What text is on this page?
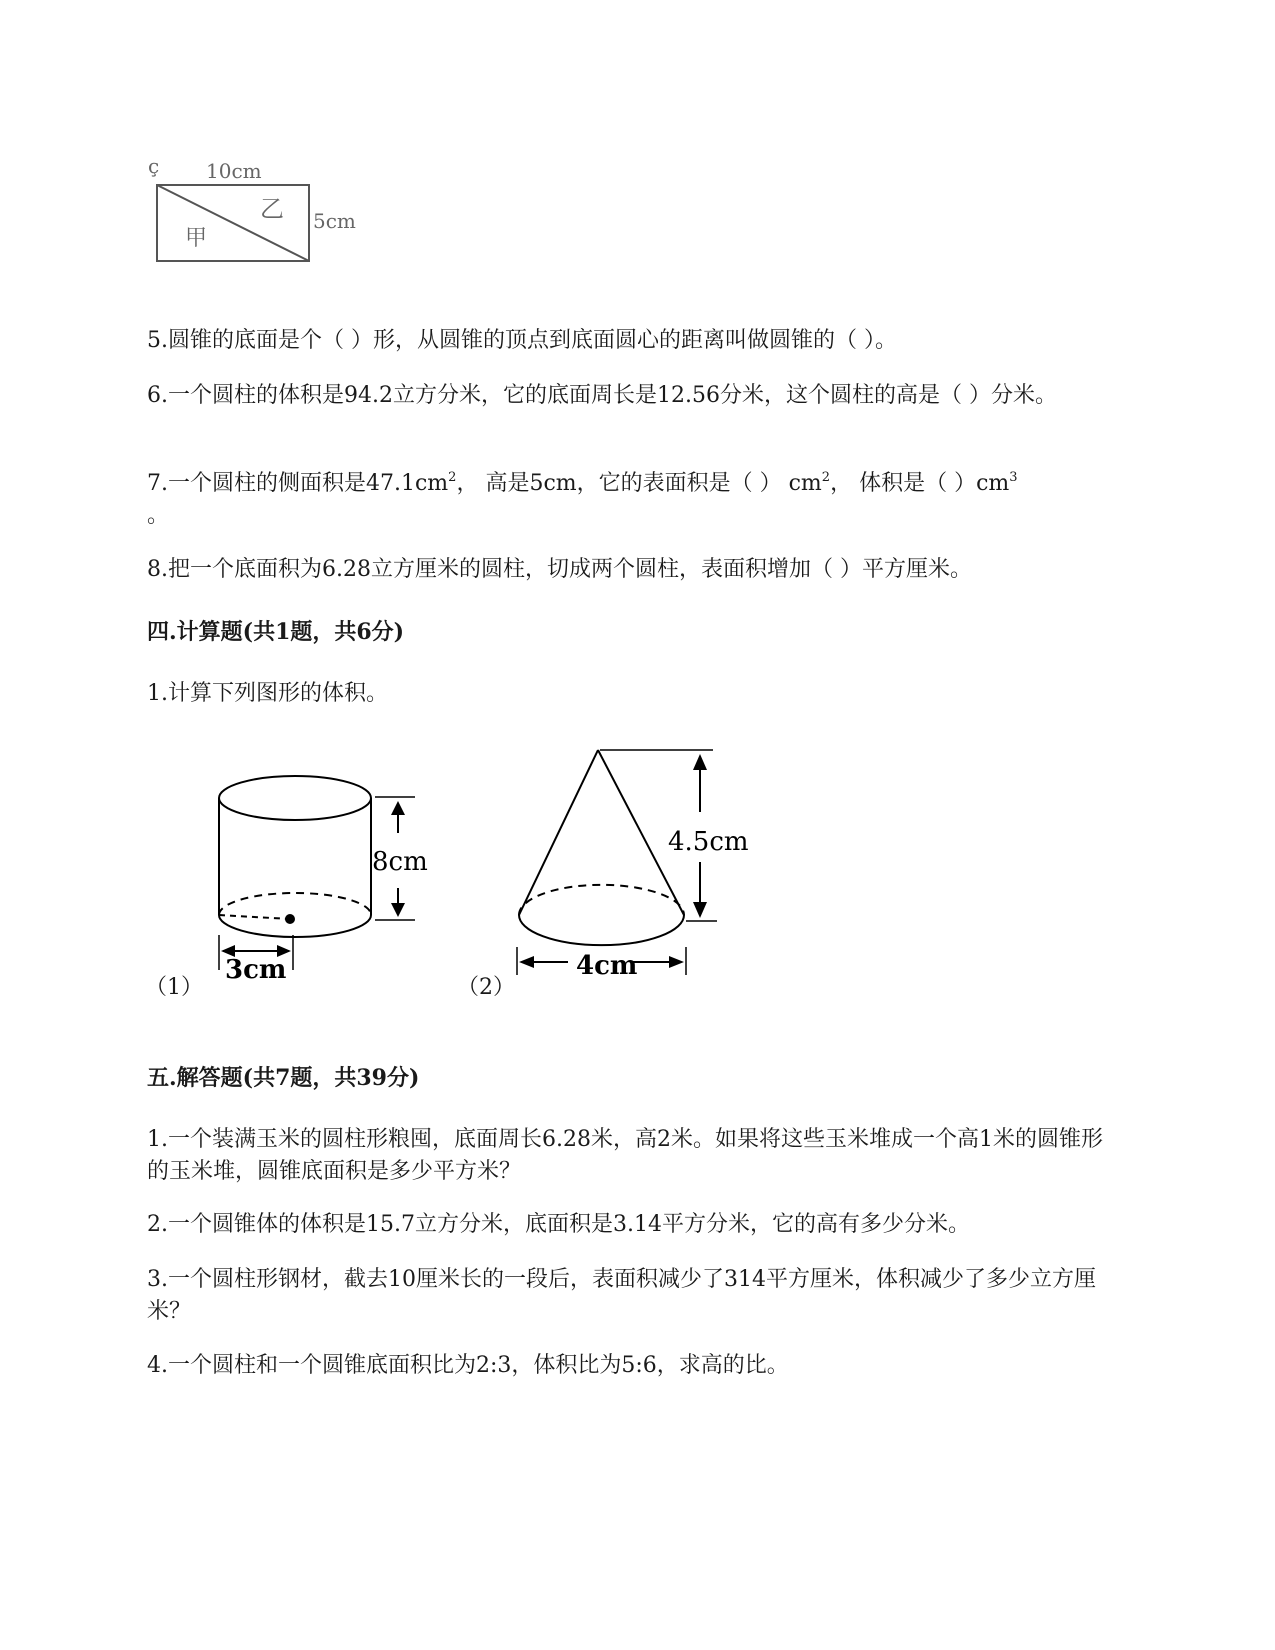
ç 10cm
5cm
乙
甲
5.圆锥的底面是个（ ）形，从圆锥的顶点到底面圆心的距离叫做圆锥的（ ）。
6.一个圆柱的体积是94.2立方分米，它的底面周长是12.56分米，这个圆柱的高是（ ）分米。
7.一个圆柱的侧面积是$47.1cm^2$， 高是5cm，它的表面积是（ ） $cm^2$， 体积是（ ）$cm^3$
。
8.把一个底面积为6.28立方厘米的圆柱，切成两个圆柱，表面积增加（ ）平方厘米。
四.计算题(共1题，共6分)
1.计算下列图形的体积。
8cm
3cm
（1）
4.5cm
4cm
（2）
五.解答题(共7题，共39分)
1.一个装满玉米的圆柱形粮囤，底面周长6.28米，高2米。如果将这些玉米堆成一个高1米的圆锥形的玉米堆，圆锥底面积是多少平方米？
2.一个圆锥体的体积是15.7立方分米，底面积是3.14平方分米，它的高有多少分米。
3.一个圆柱形钢材，截去10厘米长的一段后，表面积减少了314平方厘米，体积减少了多少立方厘米？
4.一个圆柱和一个圆锥底面积比为2:3，体积比为5:6，求高的比。
